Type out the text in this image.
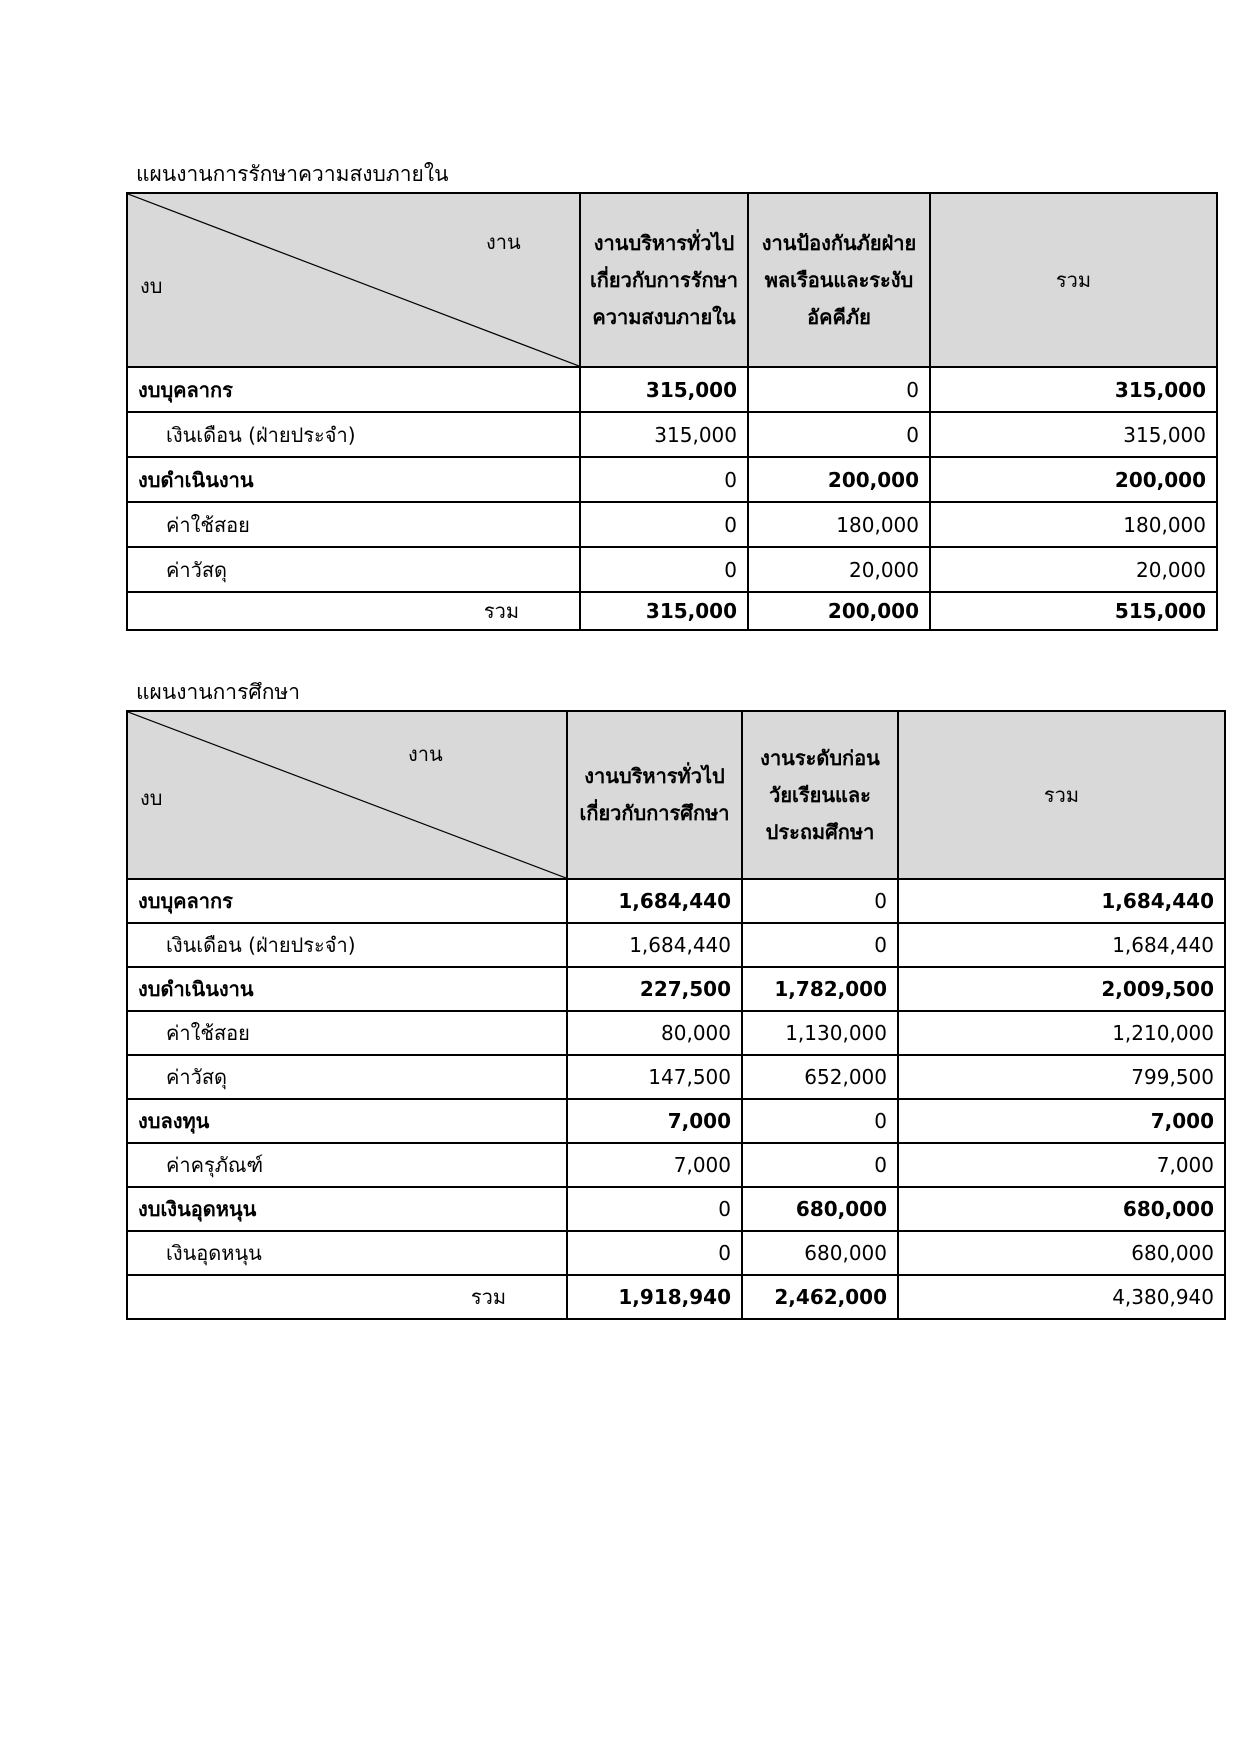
แผนงานการรักษาความสงบภายใน
งาน
งบ	งานบริหารทั่วไปเกี่ยวกับการรักษาความสงบภายใน	งานป้องกันภัยฝ่ายพลเรือนและระงับอัคคีภัย	รวม
งบบุคลากร	315,000	0	315,000
เงินเดือน (ฝ่ายประจำ)	315,000	0	315,000
งบดำเนินงาน	0	200,000	200,000
ค่าใช้สอย	0	180,000	180,000
ค่าวัสดุ	0	20,000	20,000
รวม	315,000	200,000	515,000
แผนงานการศึกษา
งาน
งบ	งานบริหารทั่วไปเกี่ยวกับการศึกษา	งานระดับก่อนวัยเรียนและประถมศึกษา	รวม
งบบุคลากร	1,684,440	0	1,684,440
เงินเดือน (ฝ่ายประจำ)	1,684,440	0	1,684,440
งบดำเนินงาน	227,500	1,782,000	2,009,500
ค่าใช้สอย	80,000	1,130,000	1,210,000
ค่าวัสดุ	147,500	652,000	799,500
งบลงทุน	7,000	0	7,000
ค่าครุภัณฑ์	7,000	0	7,000
งบเงินอุดหนุน	0	680,000	680,000
เงินอุดหนุน	0	680,000	680,000
รวม	1,918,940	2,462,000	4,380,940
